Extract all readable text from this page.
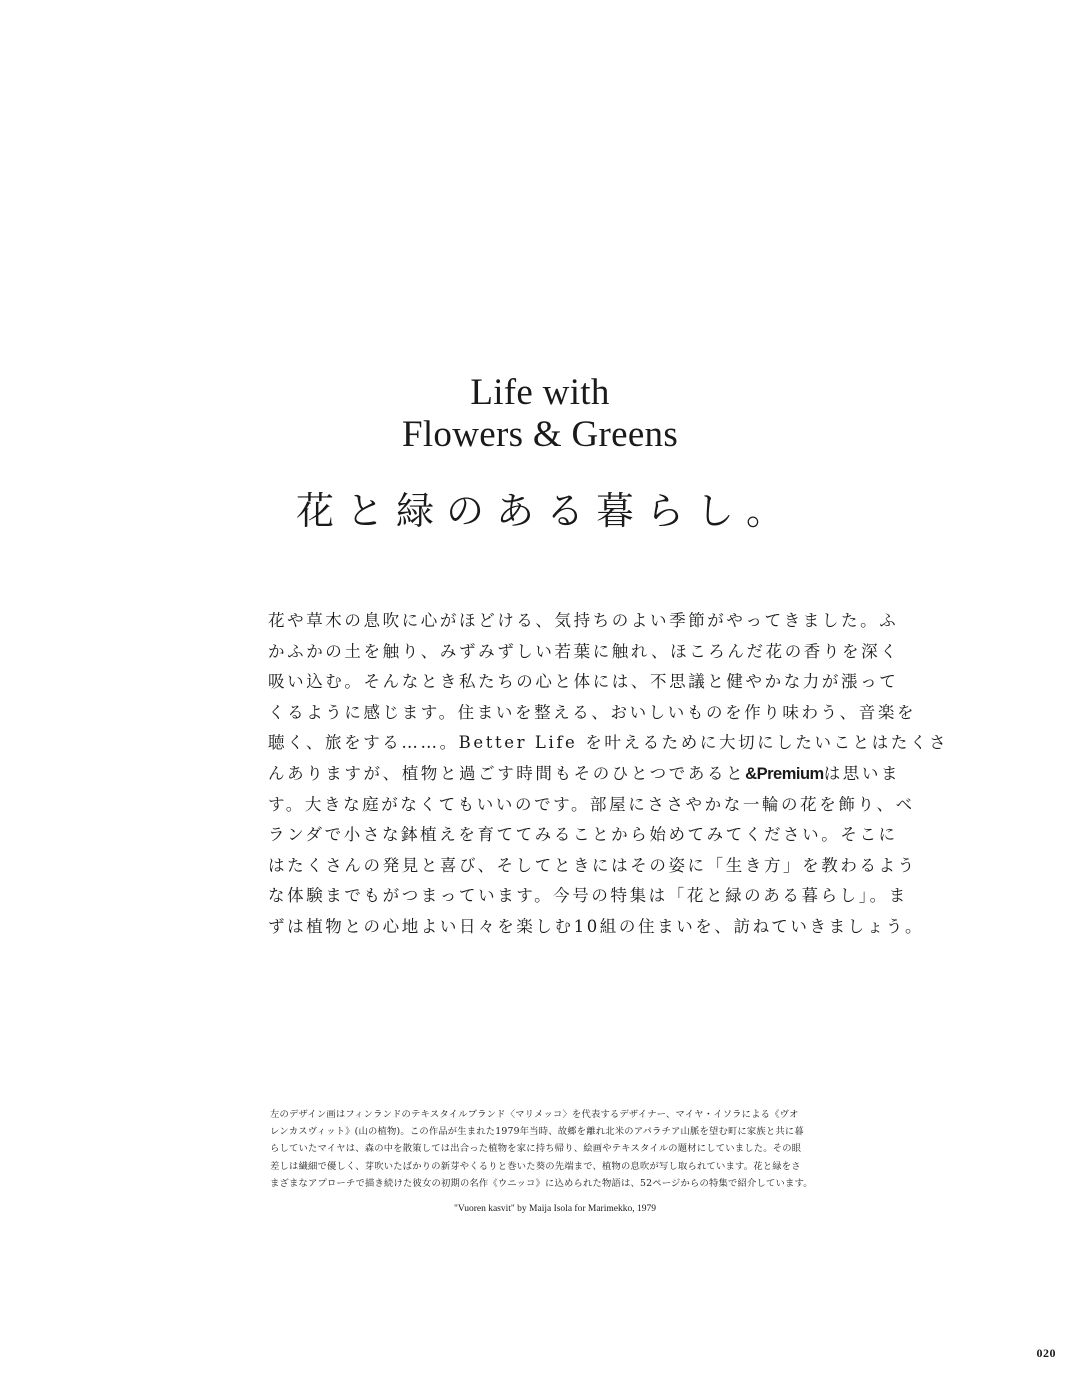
Life with
Flowers & Greens
花と緑のある暮らし。
花や草木の息吹に心がほどける、気持ちのよい季節がやってきました。ふ
かふかの土を触り、みずみずしい若葉に触れ、ほころんだ花の香りを深く
吸い込む。そんなとき私たちの心と体には、不思議と健やかな力が漲って
くるように感じます。住まいを整える、おいしいものを作り味わう、音楽を
聴く、旅をする……。Better Life を叶えるために大切にしたいことはたくさ
んありますが、植物と過ごす時間もそのひとつであると&Premiumは思いま
す。大きな庭がなくてもいいのです。部屋にささやかな一輪の花を飾り、ベ
ランダで小さな鉢植えを育ててみることから始めてみてください。そこに
はたくさんの発見と喜び、そしてときにはその姿に「生き方」を教わるよう
な体験までもがつまっています。今号の特集は「花と緑のある暮らし」。ま
ずは植物との心地よい日々を楽しむ10組の住まいを、訪ねていきましょう。
左のデザイン画はフィンランドのテキスタイルブランド〈マリメッコ〉を代表するデザイナー、マイヤ・イソラによる《ヴオ
レンカスヴィット》(山の植物)。この作品が生まれた1979年当時、故郷を離れ北米のアパラチア山脈を望む町に家族と共に暮
らしていたマイヤは、森の中を散策しては出合った植物を家に持ち帰り、絵画やテキスタイルの題材にしていました。その眼
差しは繊細で優しく、芽吹いたばかりの新芽やくるりと巻いた葵の先端まで、植物の息吹が写し取られています。花と緑をさ
まざまなアプローチで描き続けた彼女の初期の名作《ウニッコ》に込められた物語は、52ページからの特集で紹介しています。
"Vuoren kasvit" by Maija Isola for Marimekko, 1979
020
